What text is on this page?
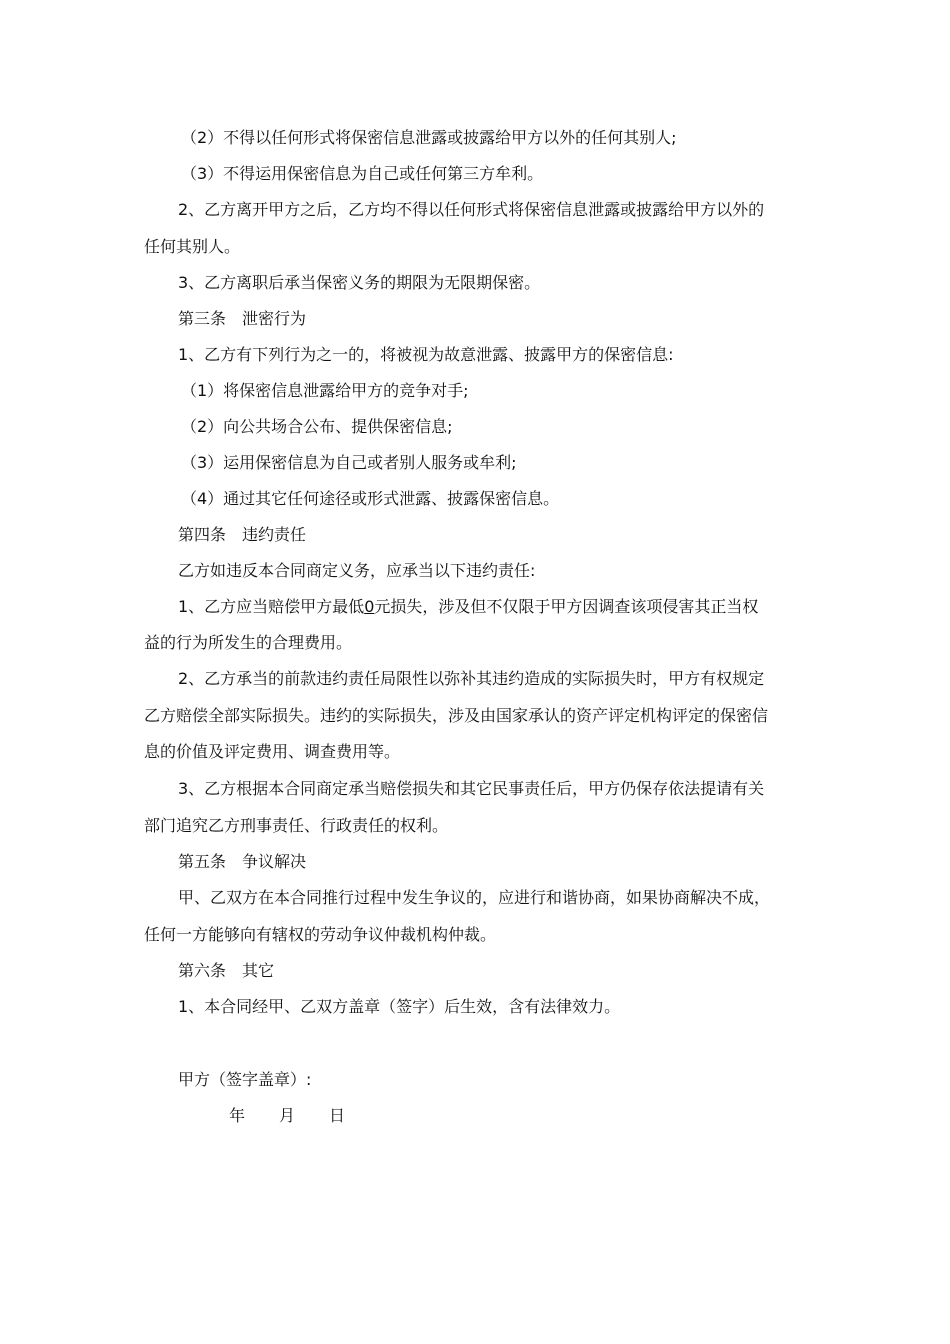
（2）不得以任何形式将保密信息泄露或披露给甲方以外的任何其别人;
（3）不得运用保密信息为自己或任何第三方牟利。
2、乙方离开甲方之后，乙方均不得以任何形式将保密信息泄露或披露给甲方以外的
任何其别人。
3、乙方离职后承当保密义务的期限为无限期保密。
第三条　泄密行为
1、乙方有下列行为之一的，将被视为故意泄露、披露甲方的保密信息:
（1）将保密信息泄露给甲方的竞争对手;
（2）向公共场合公布、提供保密信息;
（3）运用保密信息为自己或者别人服务或牟利;
（4）通过其它任何途径或形式泄露、披露保密信息。
第四条　违约责任
乙方如违反本合同商定义务，应承当以下违约责任:
1、乙方应当赔偿甲方最低0元损失，涉及但不仅限于甲方因调查该项侵害其正当权
益的行为所发生的合理费用。
2、乙方承当的前款违约责任局限性以弥补其违约造成的实际损失时，甲方有权规定
乙方赔偿全部实际损失。违约的实际损失，涉及由国家承认的资产评定机构评定的保密信
息的价值及评定费用、调查费用等。
3、乙方根据本合同商定承当赔偿损失和其它民事责任后，甲方仍保存依法提请有关
部门追究乙方刑事责任、行政责任的权利。
第五条　争议解决
甲、乙双方在本合同推行过程中发生争议的，应进行和谐协商，如果协商解决不成，
任何一方能够向有辖权的劳动争议仲裁机构仲裁。
第六条　其它
1、本合同经甲、乙双方盖章（签字）后生效，含有法律效力。
甲方（签字盖章）:
年 月 日
